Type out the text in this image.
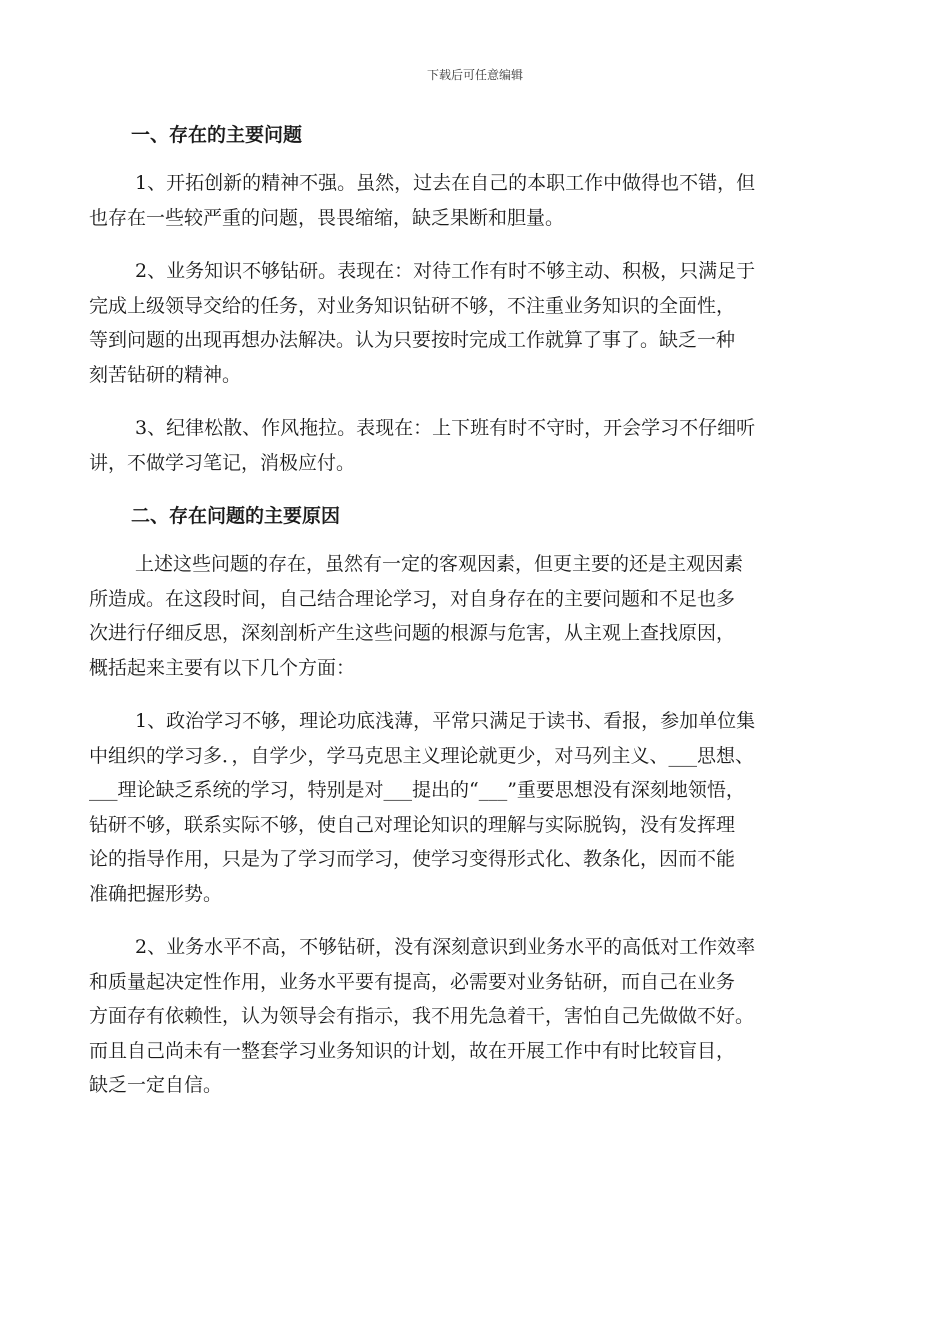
下载后可任意编辑
一、存在的主要问题
1、开拓创新的精神不强。虽然，过去在自己的本职工作中做得也不错，但
也存在一些较严重的问题，畏畏缩缩，缺乏果断和胆量。
2、业务知识不够钻研。表现在：对待工作有时不够主动、积极，只满足于
完成上级领导交给的任务，对业务知识钻研不够，不注重业务知识的全面性，
等到问题的出现再想办法解决。认为只要按时完成工作就算了事了。缺乏一种
刻苦钻研的精神。
3、纪律松散、作风拖拉。表现在：上下班有时不守时，开会学习不仔细听
讲，不做学习笔记，消极应付。
二、存在问题的主要原因
上述这些问题的存在，虽然有一定的客观因素，但更主要的还是主观因素
所造成。在这段时间，自己结合理论学习，对自身存在的主要问题和不足也多
次进行仔细反思，深刻剖析产生这些问题的根源与危害，从主观上查找原因，
概括起来主要有以下几个方面：
1、政治学习不够，理论功底浅薄，平常只满足于读书、看报，参加单位集
中组织的学习多．，自学少，学马克思主义理论就更少，对马列主义、___思想、
___理论缺乏系统的学习，特别是对___提出的“___”重要思想没有深刻地领悟，
钻研不够，联系实际不够，使自己对理论知识的理解与实际脱钩，没有发挥理
论的指导作用，只是为了学习而学习，使学习变得形式化、教条化，因而不能
准确把握形势。
2、业务水平不高，不够钻研，没有深刻意识到业务水平的高低对工作效率
和质量起决定性作用，业务水平要有提高，必需要对业务钻研，而自己在业务
方面存有依赖性，认为领导会有指示，我不用先急着干，害怕自己先做做不好。
而且自己尚未有一整套学习业务知识的计划，故在开展工作中有时比较盲目，
缺乏一定自信。
